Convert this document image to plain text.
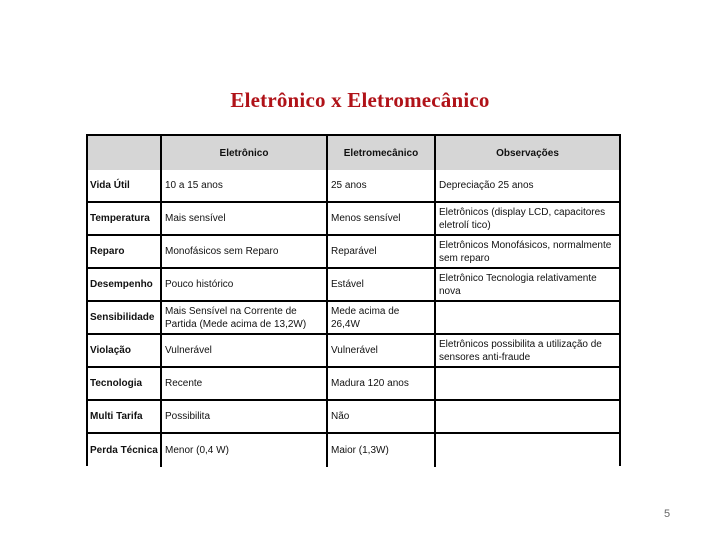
Eletrônico x Eletromecânico
	Eletrônico	Eletromecânico	Observações
Vida Útil	10 a 15 anos	25 anos	Depreciação 25 anos
Temperatura	Mais sensível	Menos sensível	Eletrônicos (display LCD, capacitores eletrolí tico)
Reparo	Monofásicos sem Reparo	Reparável	Eletrônicos Monofásicos, normalmente sem reparo
Desempenho	Pouco histórico	Estável	Eletrônico Tecnologia relativamente nova
Sensibilidade	Mais Sensível na Corrente de Partida (Mede acima de 13,2W)	Mede acima de 26,4W	
Violação	Vulnerável	Vulnerável	Eletrônicos possibilita a utilização de sensores anti-fraude
Tecnologia	Recente	Madura 120 anos	
Multi Tarifa	Possibilita	Não	
Perda Técnica	Menor (0,4 W)	Maior (1,3W)	
5
